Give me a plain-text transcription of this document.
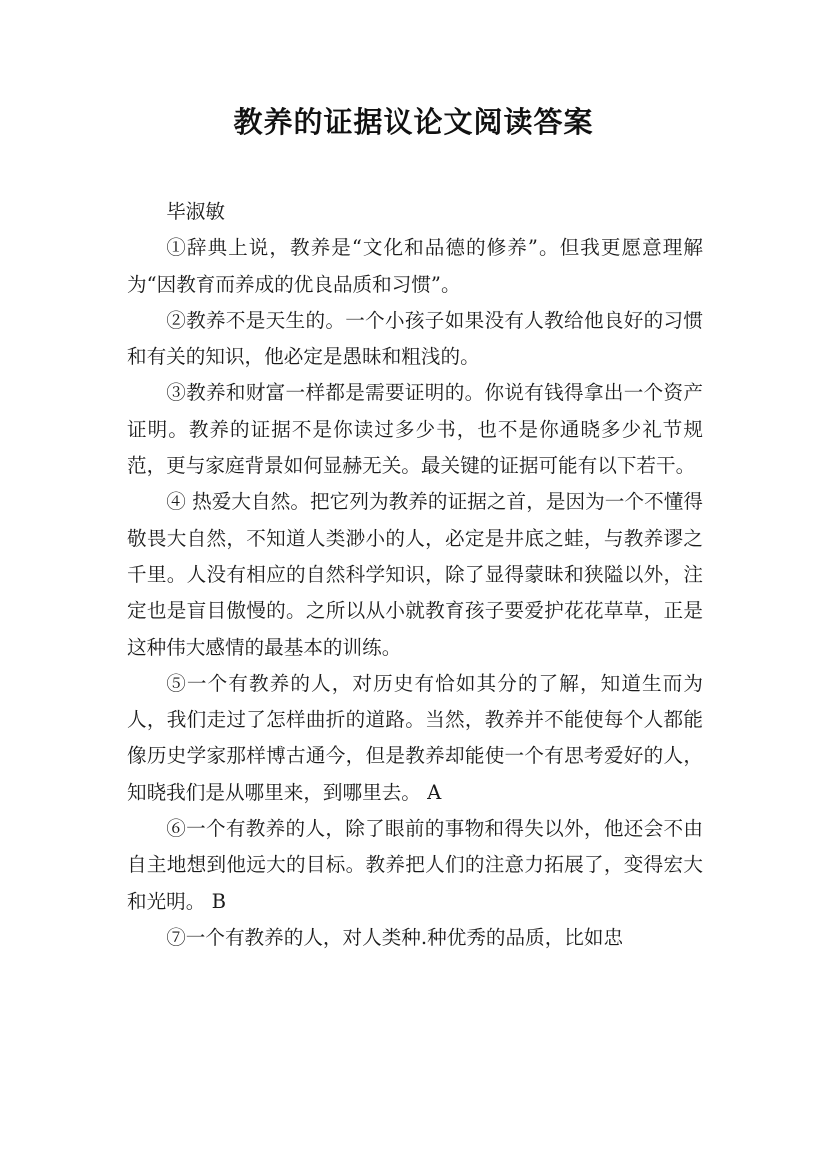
教养的证据议论文阅读答案

毕淑敏

①辞典上说，教养是“文化和品德的修养”。但我更愿意理解为“因教育而养成的优良品质和习惯”。

②教养不是天生的。一个小孩子如果没有人教给他良好的习惯和有关的知识，他必定是愚昧和粗浅的。

③教养和财富一样都是需要证明的。你说有钱得拿出一个资产证明。教养的证据不是你读过多少书，也不是你通晓多少礼节规范，更与家庭背景如何显赫无关。最关键的证据可能有以下若干。

④ 热爱大自然。把它列为教养的证据之首，是因为一个不懂得敬畏大自然，不知道人类渺小的人，必定是井底之蛙，与教养谬之千里。人没有相应的自然科学知识，除了显得蒙昧和狭隘以外，注定也是盲目傲慢的。之所以从小就教育孩子要爱护花花草草，正是这种伟大感情的最基本的训练。

⑤一个有教养的人，对历史有恰如其分的了解，知道生而为人，我们走过了怎样曲折的道路。当然，教养并不能使每个人都能像历史学家那样博古通今，但是教养却能使一个有思考爱好的人，知晓我们是从哪里来，到哪里去。 A

⑥一个有教养的人，除了眼前的事物和得失以外，他还会不由自主地想到他远大的目标。教养把人们的注意力拓展了，变得宏大和光明。 B

⑦一个有教养的人，对人类种.种优秀的品质，比如忠
